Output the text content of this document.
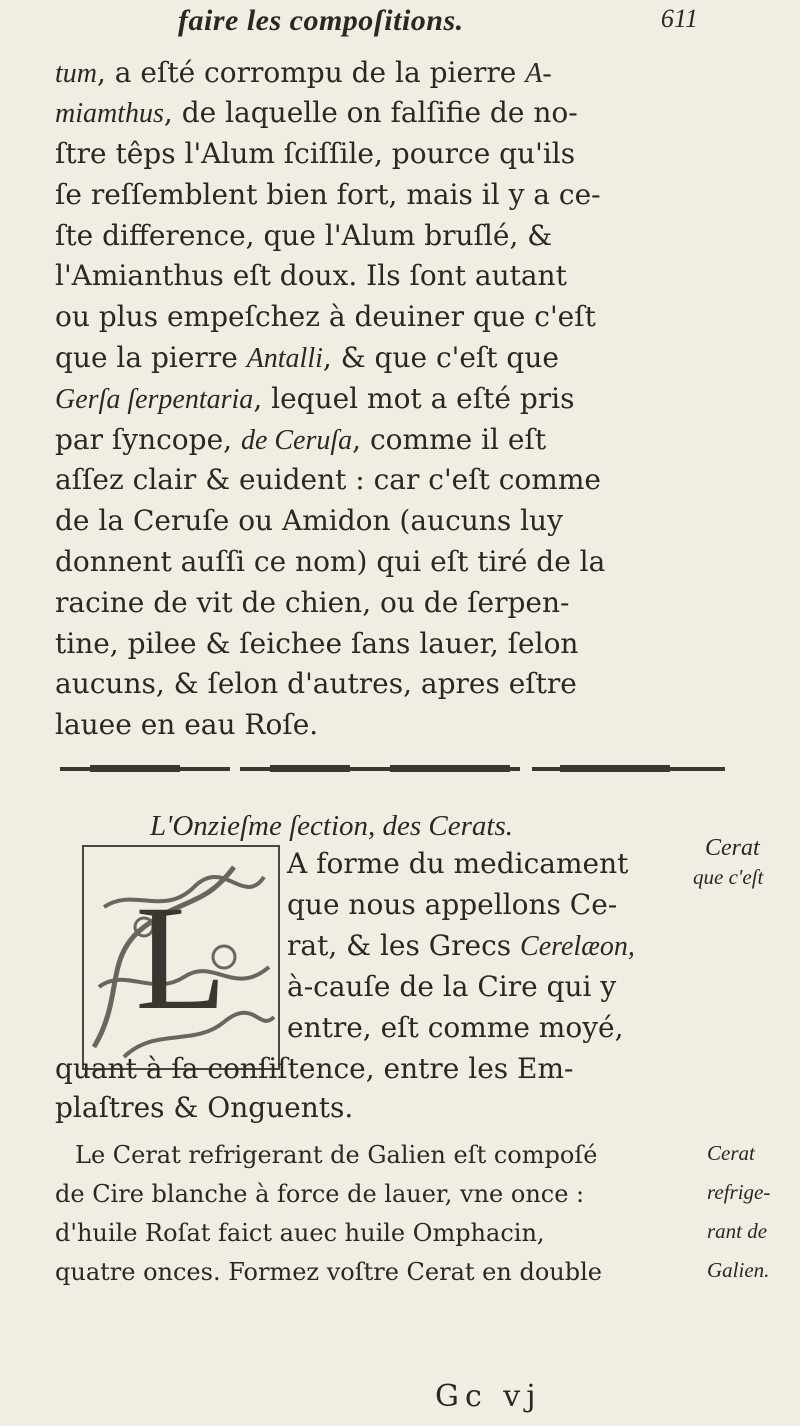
faire les compoſitions.	611
tum, a eſté corrompu de la pierre A-
miamthus, de laquelle on falſifie de no-
ſtre têps l'Alum ſciſſile, pource qu'ils
ſe reſſemblent bien fort, mais il y a ce-
ſte difference, que l'Alum bruſlé, &
l'Amianthus eſt doux. Ils ſont autant
ou plus empeſchez à deuiner que c'eſt
que la pierre Antalli, & que c'eſt que
Gerſa ſerpentaria, lequel mot a eſté pris
par ſyncope, de Ceruſa, comme il eſt
aſſez clair & euident : car c'eſt comme
de la Ceruſe ou Amidon (aucuns luy
donnent auſſi ce nom) qui eſt tiré de la
racine de vit de chien, ou de ſerpen-
tine, pilee & ſeichee ſans lauer, ſelon
aucuns, & ſelon d'autres, apres eſtre
lauee en eau Roſe.
L'Onzieſme ſection, des Cerats.
L
A forme du medicament
que nous appellons Ce-
rat, & les Grecs Cerelæon,
à-cauſe de la Cire qui y
entre, eſt comme moyé,
quant à ſa conſiſtence, entre les Em-
plaſtres & Onguents.
Le Cerat refrigerant de Galien eſt compoſé
de Cire blanche à force de lauer, vne once :
d'huile Roſat faict auec huile Omphacin,
quatre onces. Formez voſtre Cerat en double
Cerat
que c'eſt
Cerat
refrige-
rant de
Galien.
Gc vj
